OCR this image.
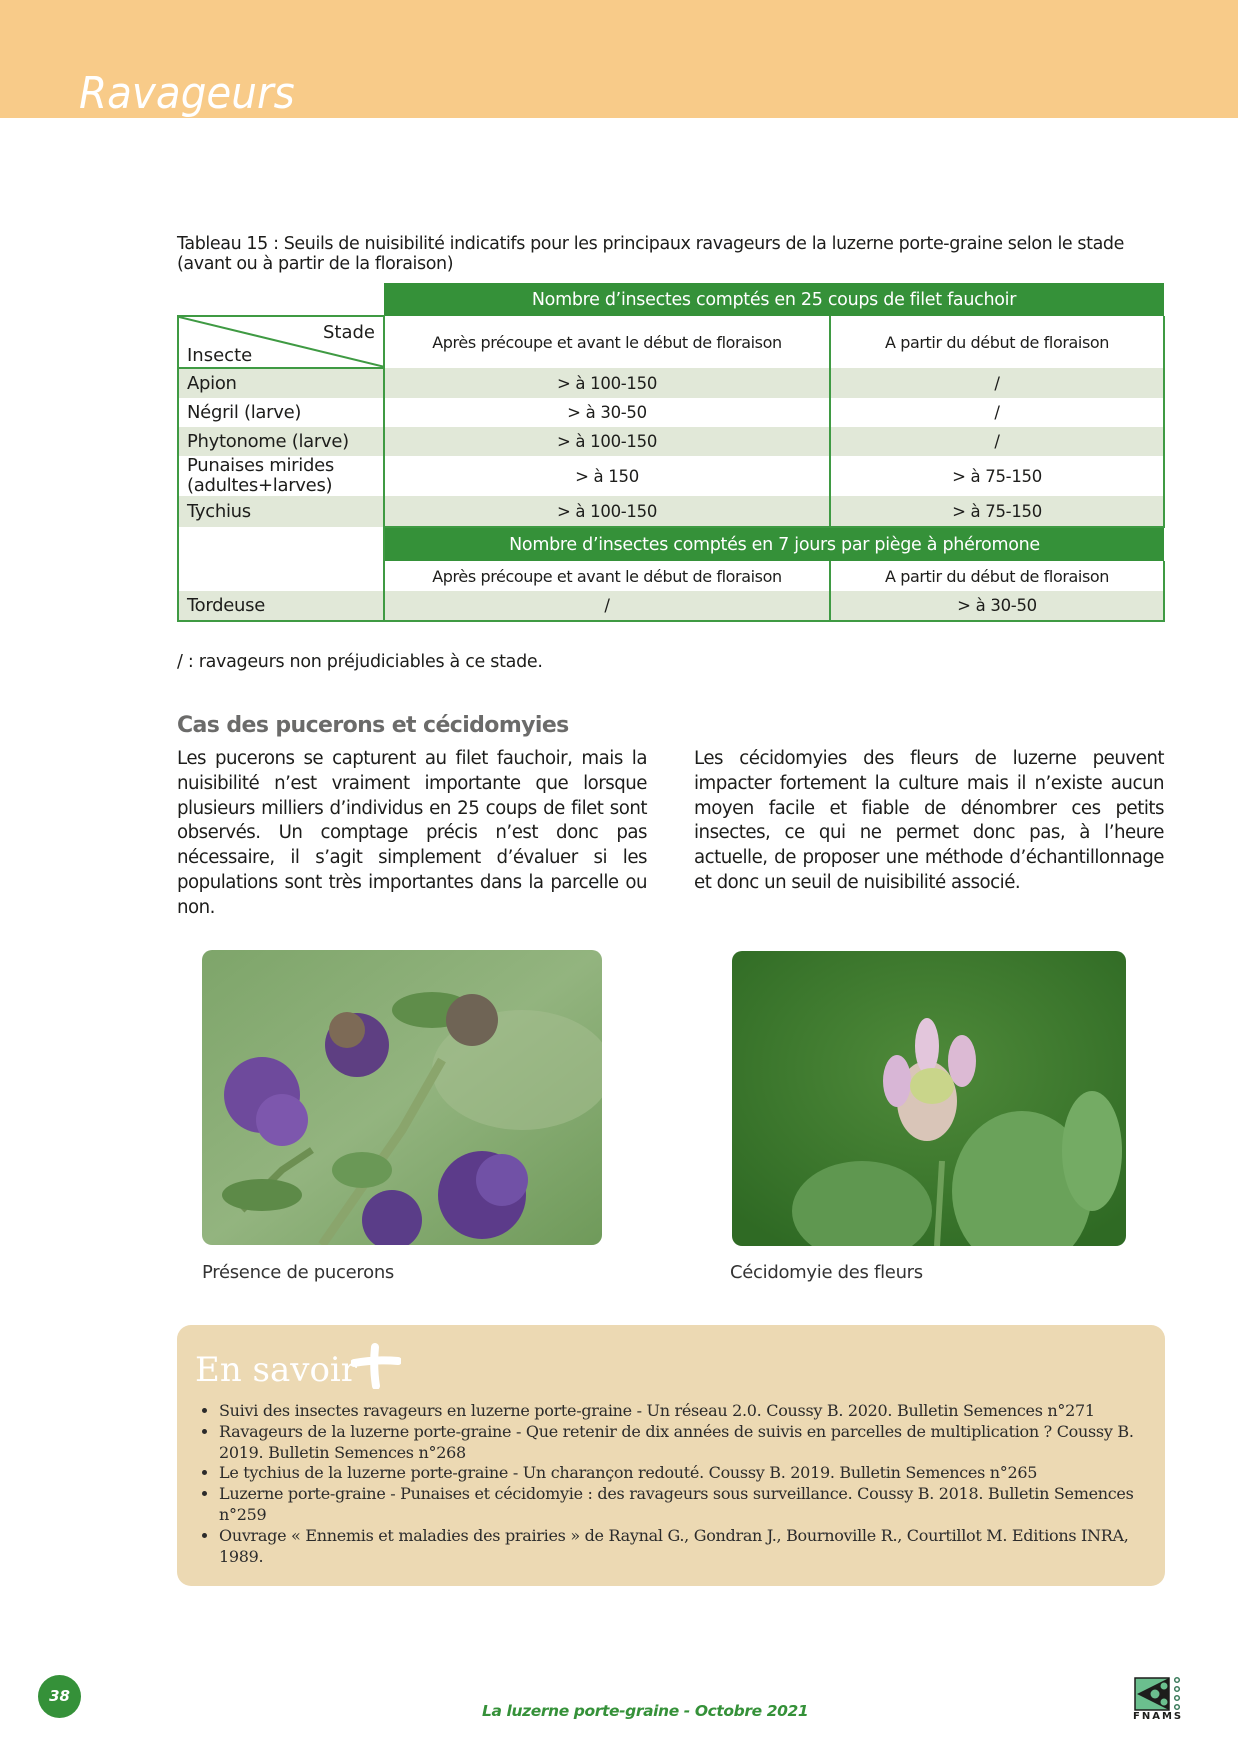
Ravageurs
Tableau 15 : Seuils de nuisibilité indicatifs pour les principaux ravageurs de la luzerne porte-graine selon le stade (avant ou à partir de la floraison)
	Nombre d’insectes comptés en 25 coups de filet fauchoir	

Stade
Insecte	Après précoupe et avant le début de floraison	A partir du début de floraison
Apion	> à 100-150	/
Négril (larve)	> à 30-50	/
Phytonome (larve)	> à 100-150	/
Punaises mirides (adultes+larves)	> à 150	> à 75-150
Tychius	> à 100-150	> à 75-150
	Nombre d’insectes comptés en 7 jours par piège à phéromone	
	Après précoupe et avant le début de floraison	A partir du début de floraison
Tordeuse	/	> à 30-50
/ : ravageurs non préjudiciables à ce stade.
Cas des pucerons et cécidomyies

Les pucerons se capturent au filet fauchoir, mais la nuisibilité n’est vraiment importante que lorsque plusieurs milliers d’individus en 25 coups de filet sont observés. Un comptage précis n’est donc pas nécessaire, il s’agit simplement d’évaluer si les populations sont très importantes dans la parcelle ou non.

Les cécidomyies des fleurs de luzerne peuvent impacter fortement la culture mais il n’existe aucun moyen facile et fiable de dénombrer ces petits insectes, ce qui ne permet donc pas, à l’heure actuelle, de proposer une méthode d’échantillonnage et donc un seuil de nuisibilité associé.

Présence de pucerons	Cécidomyie des fleurs
En savoir
• Suivi des insectes ravageurs en luzerne porte-graine - Un réseau 2.0. Coussy B. 2020. Bulletin Semences n°271
• Ravageurs de la luzerne porte-graine - Que retenir de dix années de suivis en parcelles de multiplication ? Coussy B. 2019. Bulletin Semences n°268
• Le tychius de la luzerne porte-graine - Un charançon redouté. Coussy B. 2019. Bulletin Semences n°265
• Luzerne porte-graine - Punaises et cécidomyie : des ravageurs sous surveillance. Coussy B. 2018. Bulletin Semences n°259
• Ouvrage « Ennemis et maladies des prairies » de Raynal G., Gondran J., Bournoville R., Courtillot M. Editions INRA, 1989.
38
La luzerne porte-graine - Octobre 2021	FNAMS
